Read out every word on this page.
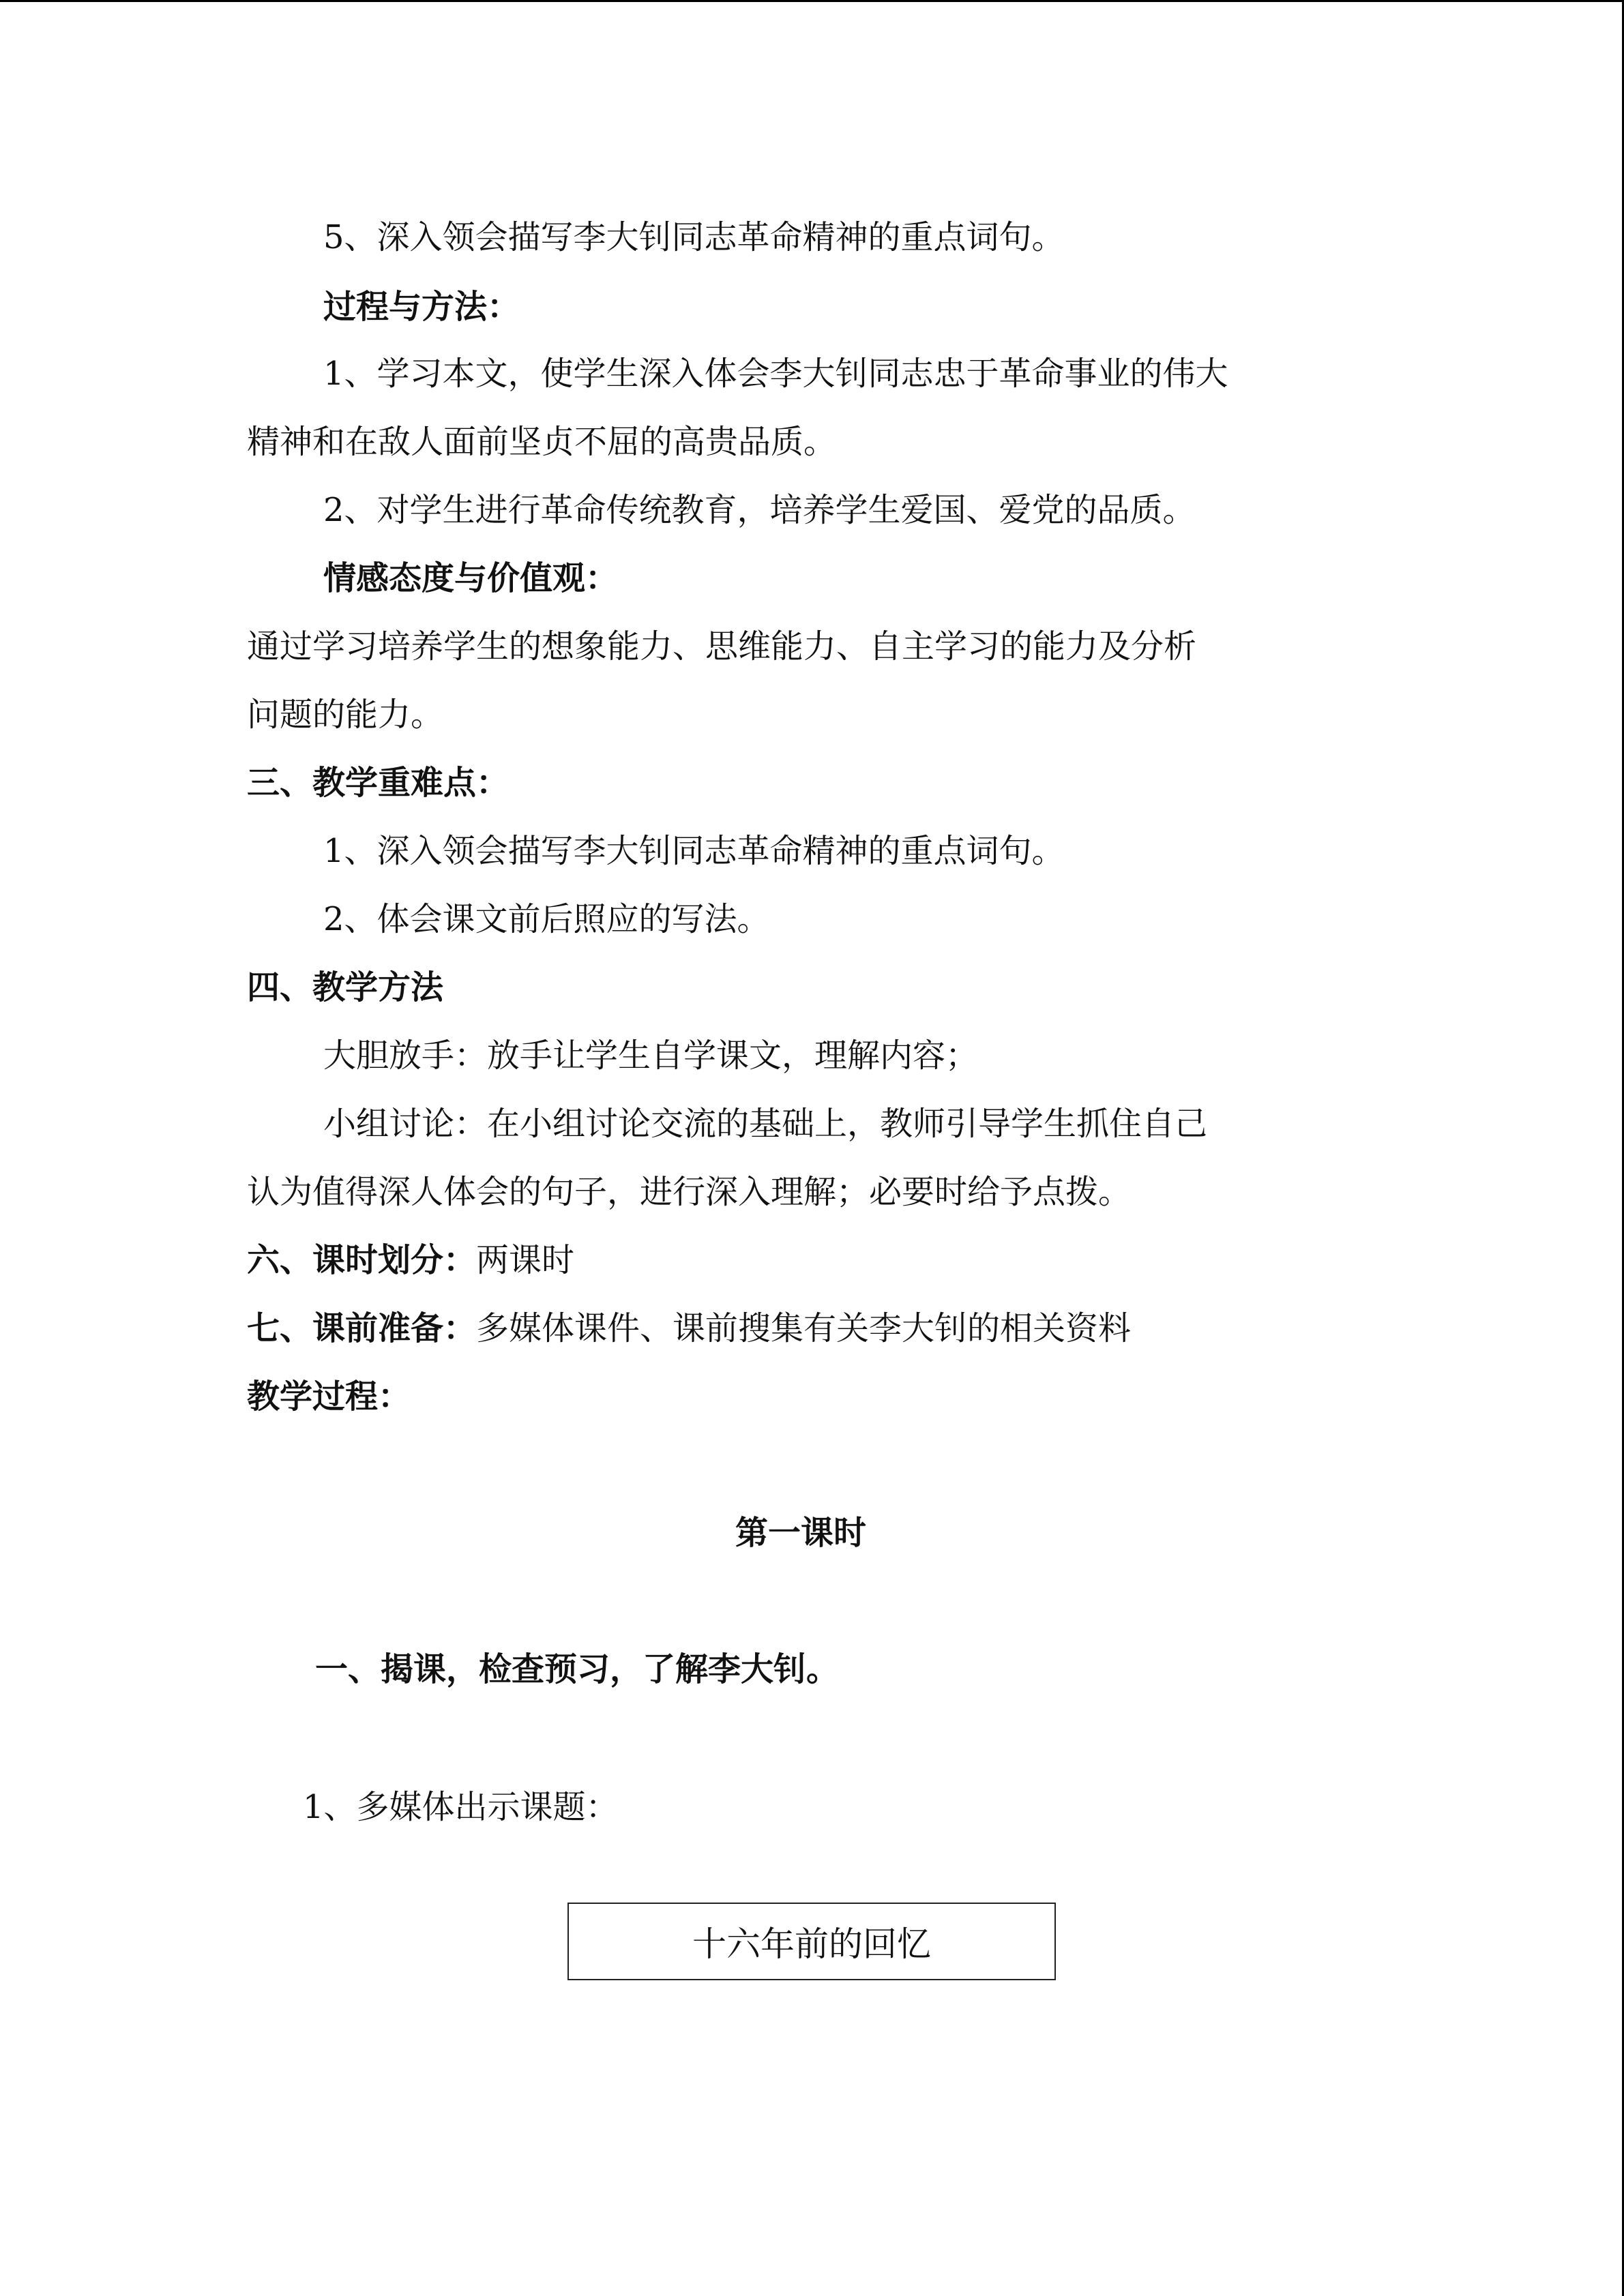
5、深入领会描写李大钊同志革命精神的重点词句。
过程与方法：
1、学习本文，使学生深入体会李大钊同志忠于革命事业的伟大
精神和在敌人面前坚贞不屈的高贵品质。
2、对学生进行革命传统教育，培养学生爱国、爱党的品质。
情感态度与价值观：
通过学习培养学生的想象能力、思维能力、自主学习的能力及分析
问题的能力。
三、教学重难点：
1、深入领会描写李大钊同志革命精神的重点词句。
2、体会课文前后照应的写法。
四、教学方法
大胆放手：放手让学生自学课文，理解内容；
小组讨论：在小组讨论交流的基础上，教师引导学生抓住自己
认为值得深人体会的句子，进行深入理解；必要时给予点拨。
六、课时划分：两课时
七、课前准备：多媒体课件、课前搜集有关李大钊的相关资料
教学过程：
第一课时
一、揭课，检查预习，了解李大钊。
1、多媒体出示课题：
十六年前的回忆
